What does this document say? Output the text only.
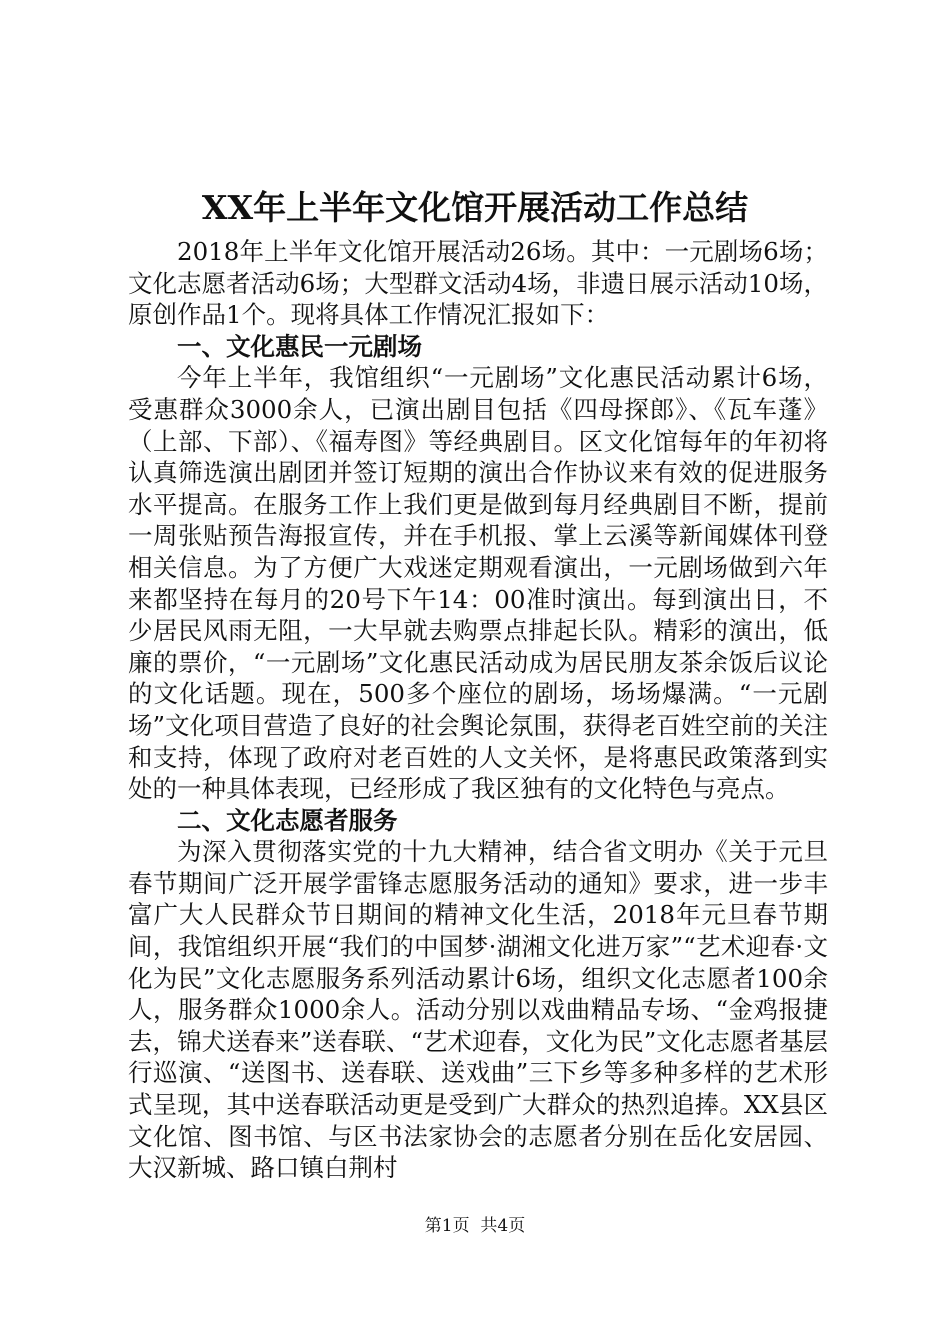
XX年上半年文化馆开展活动工作总结

2018年上半年文化馆开展活动26场。其中：一元剧场6场；文化志愿者活动6场；大型群文活动4场，非遗日展示活动10场，原创作品1个。现将具体工作情况汇报如下：

一、文化惠民一元剧场

今年上半年，我馆组织“一元剧场”文化惠民活动累计6场，受惠群众3000余人，已演出剧目包括《四母探郎》、《瓦车蓬》（上部、下部）、《福寿图》等经典剧目。区文化馆每年的年初将认真筛选演出剧团并签订短期的演出合作协议来有效的促进服务水平提高。在服务工作上我们更是做到每月经典剧目不断，提前一周张贴预告海报宣传，并在手机报、掌上云溪等新闻媒体刊登相关信息。为了方便广大戏迷定期观看演出，一元剧场做到六年来都坚持在每月的20号下午14：00准时演出。每到演出日，不少居民风雨无阻，一大早就去购票点排起长队。精彩的演出，低廉的票价，“一元剧场”文化惠民活动成为居民朋友茶余饭后议论的文化话题。现在，500多个座位的剧场，场场爆满。“一元剧场”文化项目营造了良好的社会舆论氛围，获得老百姓空前的关注和支持，体现了政府对老百姓的人文关怀，是将惠民政策落到实处的一种具体表现，已经形成了我区独有的文化特色与亮点。

二、文化志愿者服务

为深入贯彻落实党的十九大精神，结合省文明办《关于元旦春节期间广泛开展学雷锋志愿服务活动的通知》要求，进一步丰富广大人民群众节日期间的精神文化生活，2018年元旦春节期间，我馆组织开展“我们的中国梦·湖湘文化进万家”“艺术迎春·文化为民”文化志愿服务系列活动累计6场，组织文化志愿者100余人，服务群众1000余人。活动分别以戏曲精品专场、“金鸡报捷去，锦犬送春来”送春联、“艺术迎春，文化为民”文化志愿者基层行巡演、“送图书、送春联、送戏曲”三下乡等多种多样的艺术形式呈现，其中送春联活动更是受到广大群众的热烈追捧。XX县区文化馆、图书馆、与区书法家协会的志愿者分别在岳化安居园、大汉新城、路口镇白荆村

第1页  共4页
